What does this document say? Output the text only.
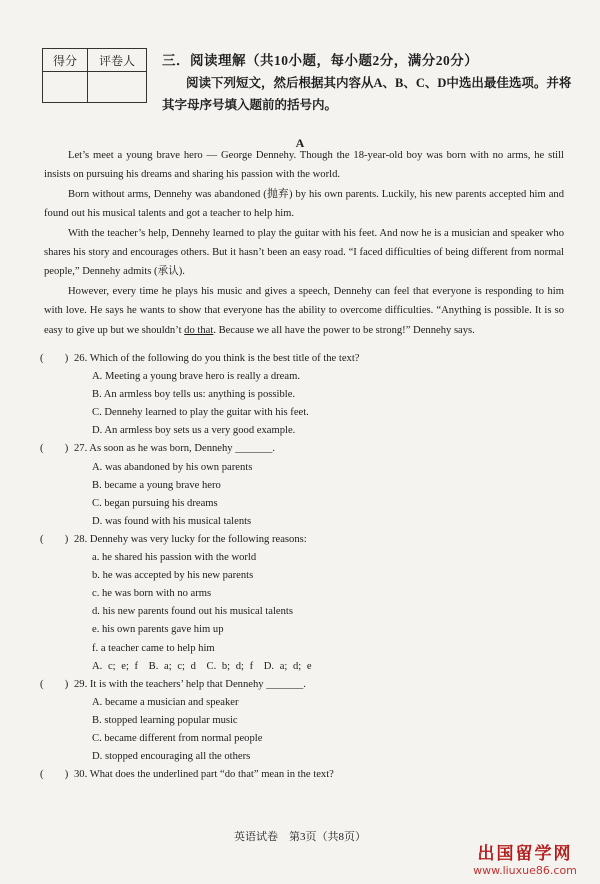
得分	评卷人
	三．阅读理解（共10小题，每小题2分，满分20分）
阅读下列短文，然后根据其内容从A、B、C、D中选出最佳选项。并将其字母序号填入题前的括号内。
A

Let’s meet a young brave hero — George Dennehy. Though the 18-year-old boy was born with no arms, he still insists on pursuing his dreams and sharing his passion with the world.

Born without arms, Dennehy was abandoned (抛弃) by his own parents. Luckily, his new parents accepted him and found out his musical talents and got a teacher to help him.

With the teacher’s help, Dennehy learned to play the guitar with his feet. And now he is a musician and speaker who shares his story and encourages others. But it hasn’t been an easy road. “I faced difficulties of being different from normal people,” Dennehy admits (承认).

However, every time he plays his music and gives a speech, Dennehy can feel that everyone is responding to him with love. He says he wants to show that everyone has the ability to overcome difficulties. “Anything is possible. It is so easy to give up but we shouldn’t do that. Because we all have the power to be strong!” Dennehy says.

(　　) 26. Which of the following do you think is the best title of the text?

A. Meeting a young brave hero is really a dream.

B. An armless boy tells us: anything is possible.

C. Dennehy learned to play the guitar with his feet.

D. An armless boy sets us a very good example.

(　　) 27. As soon as he was born, Dennehy _______.

A. was abandoned by his own parents

B. became a young brave hero

C. began pursuing his dreams

D. was found with his musical talents

(　　) 28. Dennehy was very lucky for the following reasons:

a. he shared his passion with the world

b. he was accepted by his new parents

c. he was born with no arms

d. his new parents found out his musical talents

e. his own parents gave him up

f. a teacher came to help him

A. c; e; f　B. a; c; d　C. b; d; f　D. a; d; e

(　　) 29. It is with the teachers’ help that Dennehy _______.

A. became a musician and speaker

B. stopped learning popular music

C. became different from normal people

D. stopped encouraging all the others

(　　) 30. What does the underlined part “do that” mean in the text?

英语试卷　第3页（共8页）
出国留学网
www.liuxue86.com
